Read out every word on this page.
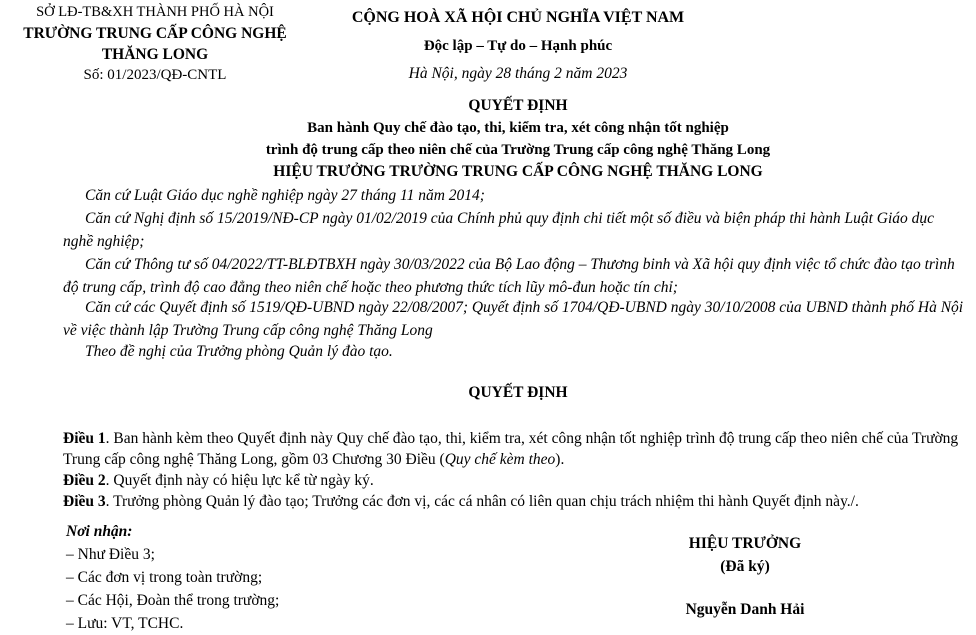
SỞ LĐ-TB&XH THÀNH PHỐ HÀ NỘI
TRƯỜNG TRUNG CẤP CÔNG NGHỆ
THĂNG LONG
Số: 01/2023/QĐ-CNTL
CỘNG HOÀ XÃ HỘI CHỦ NGHĨA VIỆT NAM
Độc lập – Tự do – Hạnh phúc
Hà Nội, ngày 28 tháng 2 năm 2023
QUYẾT ĐỊNH
Ban hành Quy chế đào tạo, thi, kiểm tra, xét công nhận tốt nghiệp
trình độ trung cấp theo niên chế của Trường Trung cấp công nghệ Thăng Long
HIỆU TRƯỞNG TRƯỜNG TRUNG CẤP CÔNG NGHỆ THĂNG LONG
Căn cứ Luật Giáo dục nghề nghiệp ngày 27 tháng 11 năm 2014;
Căn cứ Nghị định số 15/2019/NĐ-CP ngày 01/02/2019 của Chính phủ quy định chi tiết một số điều và biện pháp thi hành Luật Giáo dục nghề nghiệp;
Căn cứ Thông tư số 04/2022/TT-BLĐTBXH ngày 30/03/2022 của Bộ Lao động – Thương binh và Xã hội quy định việc tổ chức đào tạo trình độ trung cấp, trình độ cao đẳng theo niên chế hoặc theo phương thức tích lũy mô-đun hoặc tín chỉ;
Căn cứ các Quyết định số 1519/QĐ-UBND ngày 22/08/2007; Quyết định số 1704/QĐ-UBND ngày 30/10/2008 của UBND thành phố Hà Nội về việc thành lập Trường Trung cấp công nghệ Thăng Long
Theo đề nghị của Trưởng phòng Quản lý đào tạo.
QUYẾT ĐỊNH
Điều 1. Ban hành kèm theo Quyết định này Quy chế đào tạo, thi, kiểm tra, xét công nhận tốt nghiệp trình độ trung cấp theo niên chế của Trường Trung cấp công nghệ Thăng Long, gồm 03 Chương 30 Điều (Quy chế kèm theo).
Điều 2. Quyết định này có hiệu lực kể từ ngày ký.
Điều 3. Trưởng phòng Quản lý đào tạo; Trưởng các đơn vị, các cá nhân có liên quan chịu trách nhiệm thi hành Quyết định này./.
Nơi nhận:
– Như Điều 3;
– Các đơn vị trong toàn trường;
– Các Hội, Đoàn thể trong trường;
– Lưu: VT, TCHC.
HIỆU TRƯỞNG
(Đã ký)
Nguyễn Danh Hải
